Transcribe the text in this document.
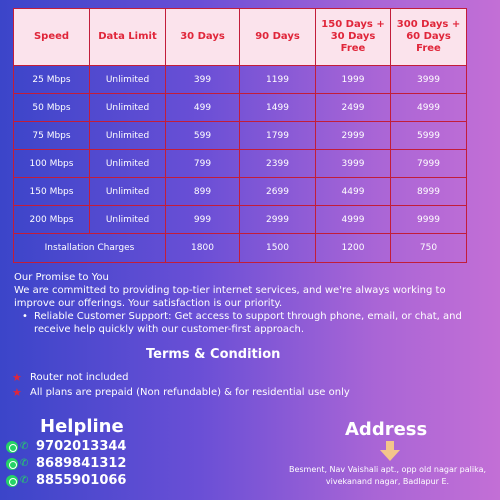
Speed	Data Limit	30 Days	90 Days	150 Days + 30 Days Free	300 Days + 60 Days Free
25 Mbps	Unlimited	399	1199	1999	3999
50 Mbps	Unlimited	499	1499	2499	4999
75 Mbps	Unlimited	599	1799	2999	5999
100 Mbps	Unlimited	799	2399	3999	7999
150 Mbps	Unlimited	899	2699	4499	8999
200 Mbps	Unlimited	999	2999	4999	9999
Installation Charges		1800	1500	1200	750

Our Promise to You

We are committed to providing top-tier internet services, and we're always working to improve our offerings. Your satisfaction is our priority.

• Reliable Customer Support: Get access to support through phone, email, or chat, and receive help quickly with our customer-first approach.
Terms & Condition
★ Router not included
★ All plans are prepaid (Non refundable) & for residential use only
Helpline
✆ 9702013344
✆ 8689841312
✆ 8855901066
Address
Besment, Nav Vaishali apt., opp old nagar palika, vivekanand nagar, Badlapur E.
